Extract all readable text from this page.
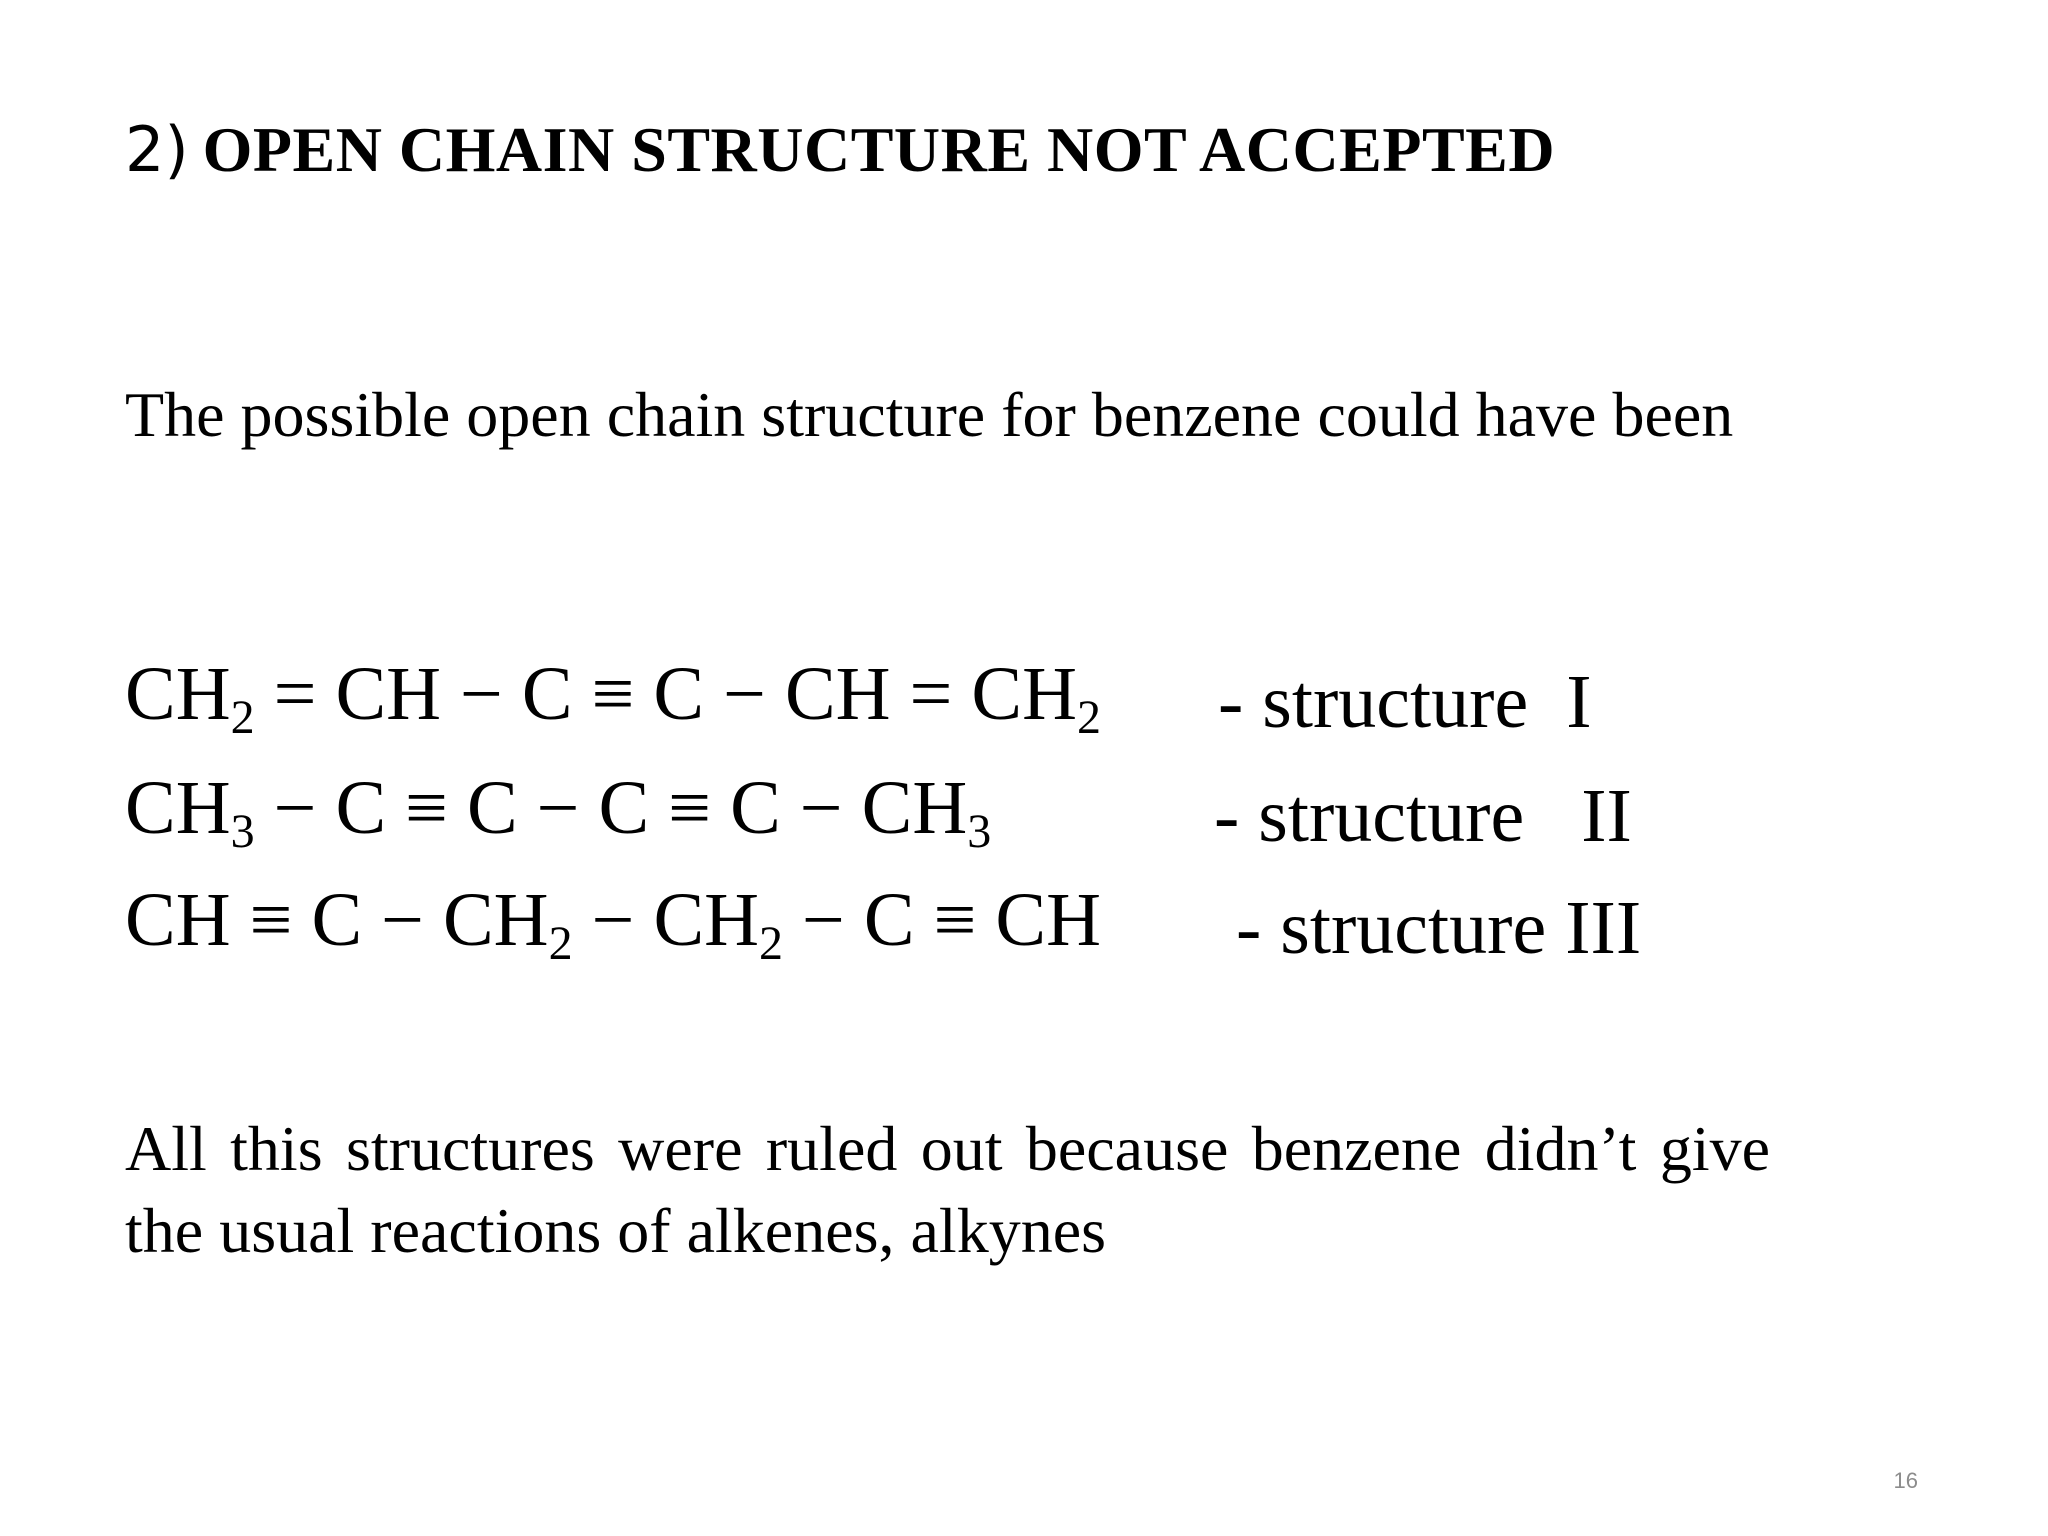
2) OPEN CHAIN STRUCTURE NOT ACCEPTED
The possible open chain structure for benzene could have been
$CH_2$ = CH − C ≡ C − CH = $CH_2$ - structure  I
$CH_3 - C \equiv C - C \equiv C - CH_3$	- structure   II
CH ≡ $C - CH_2 - CH_2 - C$ ≡ CH - structure III
All this structures were ruled out because benzene didn’t give the usual reactions of alkenes, alkynes
16
